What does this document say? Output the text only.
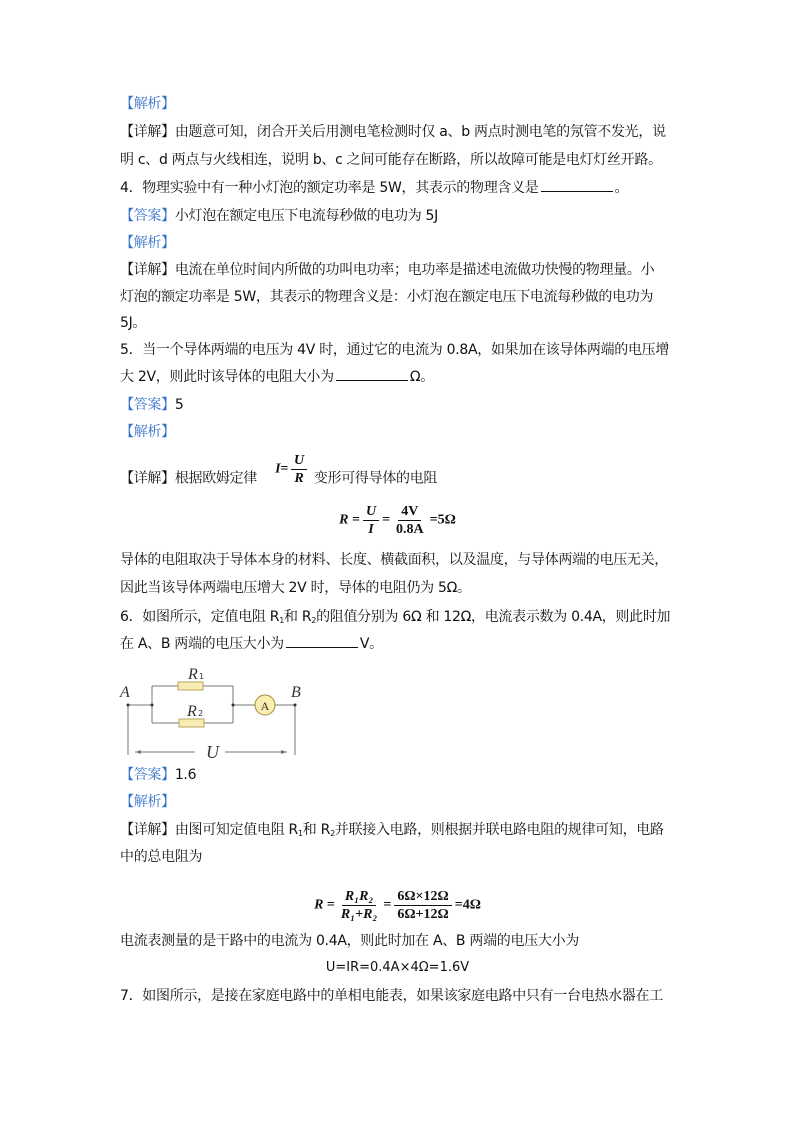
【解析】
【详解】由题意可知，闭合开关后用测电笔检测时仅 a、b 两点时测电笔的氖管不发光，说
明 c、d 两点与火线相连，说明 b、c 之间可能存在断路，所以故障可能是电灯灯丝开路。
4．物理实验中有一种小灯泡的额定功率是 5W，其表示的物理含义是	。
【答案】小灯泡在额定电压下电流每秒做的电功为 5J
【解析】
【详解】电流在单位时间内所做的功叫电功率；电功率是描述电流做功快慢的物理量。小
灯泡的额定功率是 5W，其表示的物理含义是：小灯泡在额定电压下电流每秒做的电功为
5J。
5．当一个导体两端的电压为 4V 时，通过它的电流为 0.8A，如果加在该导体两端的电压增
大 2V，则此时该导体的电阻大小为	Ω。
【答案】5
【解析】
【详解】根据欧姆定律 $I= \frac{U}{R}$ 变形可得导体的电阻
$R = \frac{U}{I} = \frac{4V}{0.8A} =5\Omega$
导体的电阻取决于导体本身的材料、长度、横截面积，以及温度，与导体两端的电压无关，
因此当该导体两端电压增大 2V 时，导体的电阻仍为 5Ω。
6．如图所示，定值电阻 $R_1$和 $R_2$的阻值分别为 6Ω 和 12Ω，电流表示数为 0.4A，则此时加
在 A、B 两端的电压大小为	V。
A	B
R
R
U
1
2
A
【答案】1.6
【解析】
【详解】由图可知定值电阻 $R_1$和 $R_2$并联接入电路，则根据并联电路电阻的规律可知，电路
中的总电阻为
$R = \frac{\text{R₁R₂}}{\text{R₁+R₂}} = \frac{6\Omega\times 12\Omega}{6\Omega+12\Omega} =4\Omega$
电流表测量的是干路中的电流为 0.4A，则此时加在 A、B 两端的电压大小为
U=IR=0.4A×4Ω=1.6V
7．如图所示，是接在家庭电路中的单相电能表，如果该家庭电路中只有一台电热水器在工
